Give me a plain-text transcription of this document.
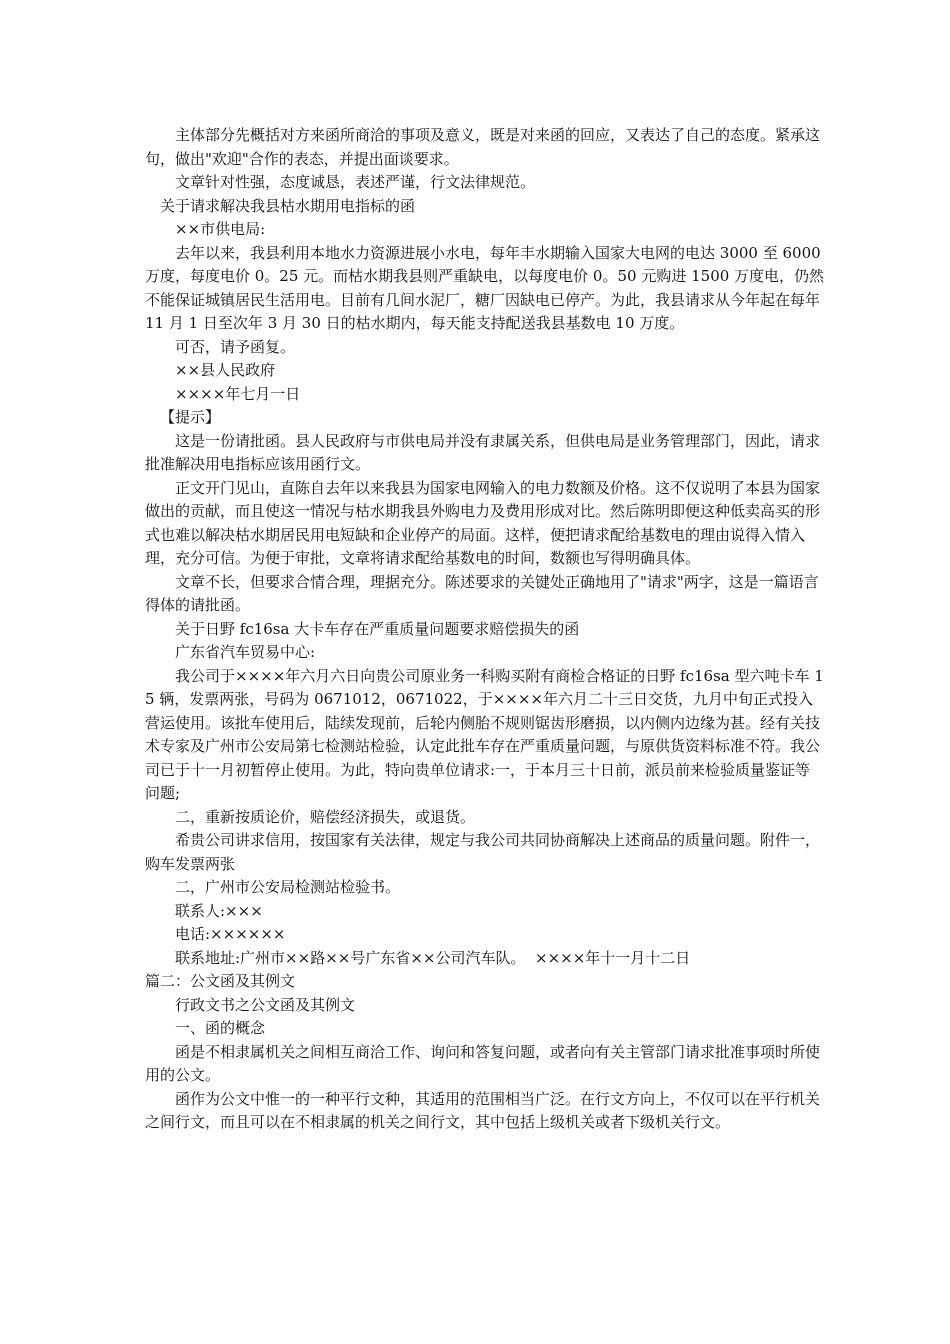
主体部分先概括对方来函所商洽的事项及意义，既是对来函的回应，又表达了自己的态度。紧承这句，做出"欢迎"合作的表态，并提出面谈要求。

文章针对性强，态度诚恳，表述严谨，行文法律规范。

关于请求解决我县枯水期用电指标的函

××市供电局:

去年以来，我县利用本地水力资源进展小水电，每年丰水期输入国家大电网的电达 3000 至 6000 万度，每度电价 0。25 元。而枯水期我县则严重缺电，以每度电价 0。50 元购进 1500 万度电，仍然不能保证城镇居民生活用电。目前有几间水泥厂，糖厂因缺电已停产。为此，我县请求从今年起在每年 11 月 1 日至次年 3 月 30 日的枯水期内，每天能支持配送我县基数电 10 万度。

可否，请予函复。

××县人民政府

××××年七月一日

【提示】

这是一份请批函。县人民政府与市供电局并没有隶属关系，但供电局是业务管理部门，因此，请求批准解决用电指标应该用函行文。

正文开门见山，直陈自去年以来我县为国家电网输入的电力数额及价格。这不仅说明了本县为国家做出的贡献，而且使这一情况与枯水期我县外购电力及费用形成对比。然后陈明即便这种低卖高买的形式也难以解决枯水期居民用电短缺和企业停产的局面。这样，便把请求配给基数电的理由说得入情入理，充分可信。为便于审批，文章将请求配给基数电的时间，数额也写得明确具体。

文章不长，但要求合情合理，理据充分。陈述要求的关键处正确地用了"请求"两字，这是一篇语言得体的请批函。

关于日野 fc16sa 大卡车存在严重质量问题要求赔偿损失的函

广东省汽车贸易中心:

我公司于××××年六月六日向贵公司原业务一科购买附有商检合格证的日野 fc16sa 型六吨卡车 15 辆，发票两张，号码为 0671012，0671022，于××××年六月二十三日交货，九月中旬正式投入营运使用。该批车使用后，陆续发现前，后轮内侧胎不规则锯齿形磨损，以内侧内边缘为甚。经有关技术专家及广州市公安局第七检测站检验，认定此批车存在严重质量问题，与原供货资料标准不符。我公司已于十一月初暂停止使用。为此，特向贵单位请求:一，于本月三十日前，派员前来检验质量鉴证等问题;

二，重新按质论价，赔偿经济损失，或退货。

希贵公司讲求信用，按国家有关法律，规定与我公司共同协商解决上述商品的质量问题。附件一，购车发票两张

二，广州市公安局检测站检验书。

联系人:×××

电话:××××××

联系地址:广州市××路××号广东省××公司汽车队。  ××××年十一月十二日

篇二：公文函及其例文

行政文书之公文函及其例文

一、函的概念

函是不相隶属机关之间相互商洽工作、询问和答复问题，或者向有关主管部门请求批准事项时所使用的公文。

函作为公文中惟一的一种平行文种，其适用的范围相当广泛。在行文方向上，不仅可以在平行机关之间行文，而且可以在不相隶属的机关之间行文，其中包括上级机关或者下级机关行文。
